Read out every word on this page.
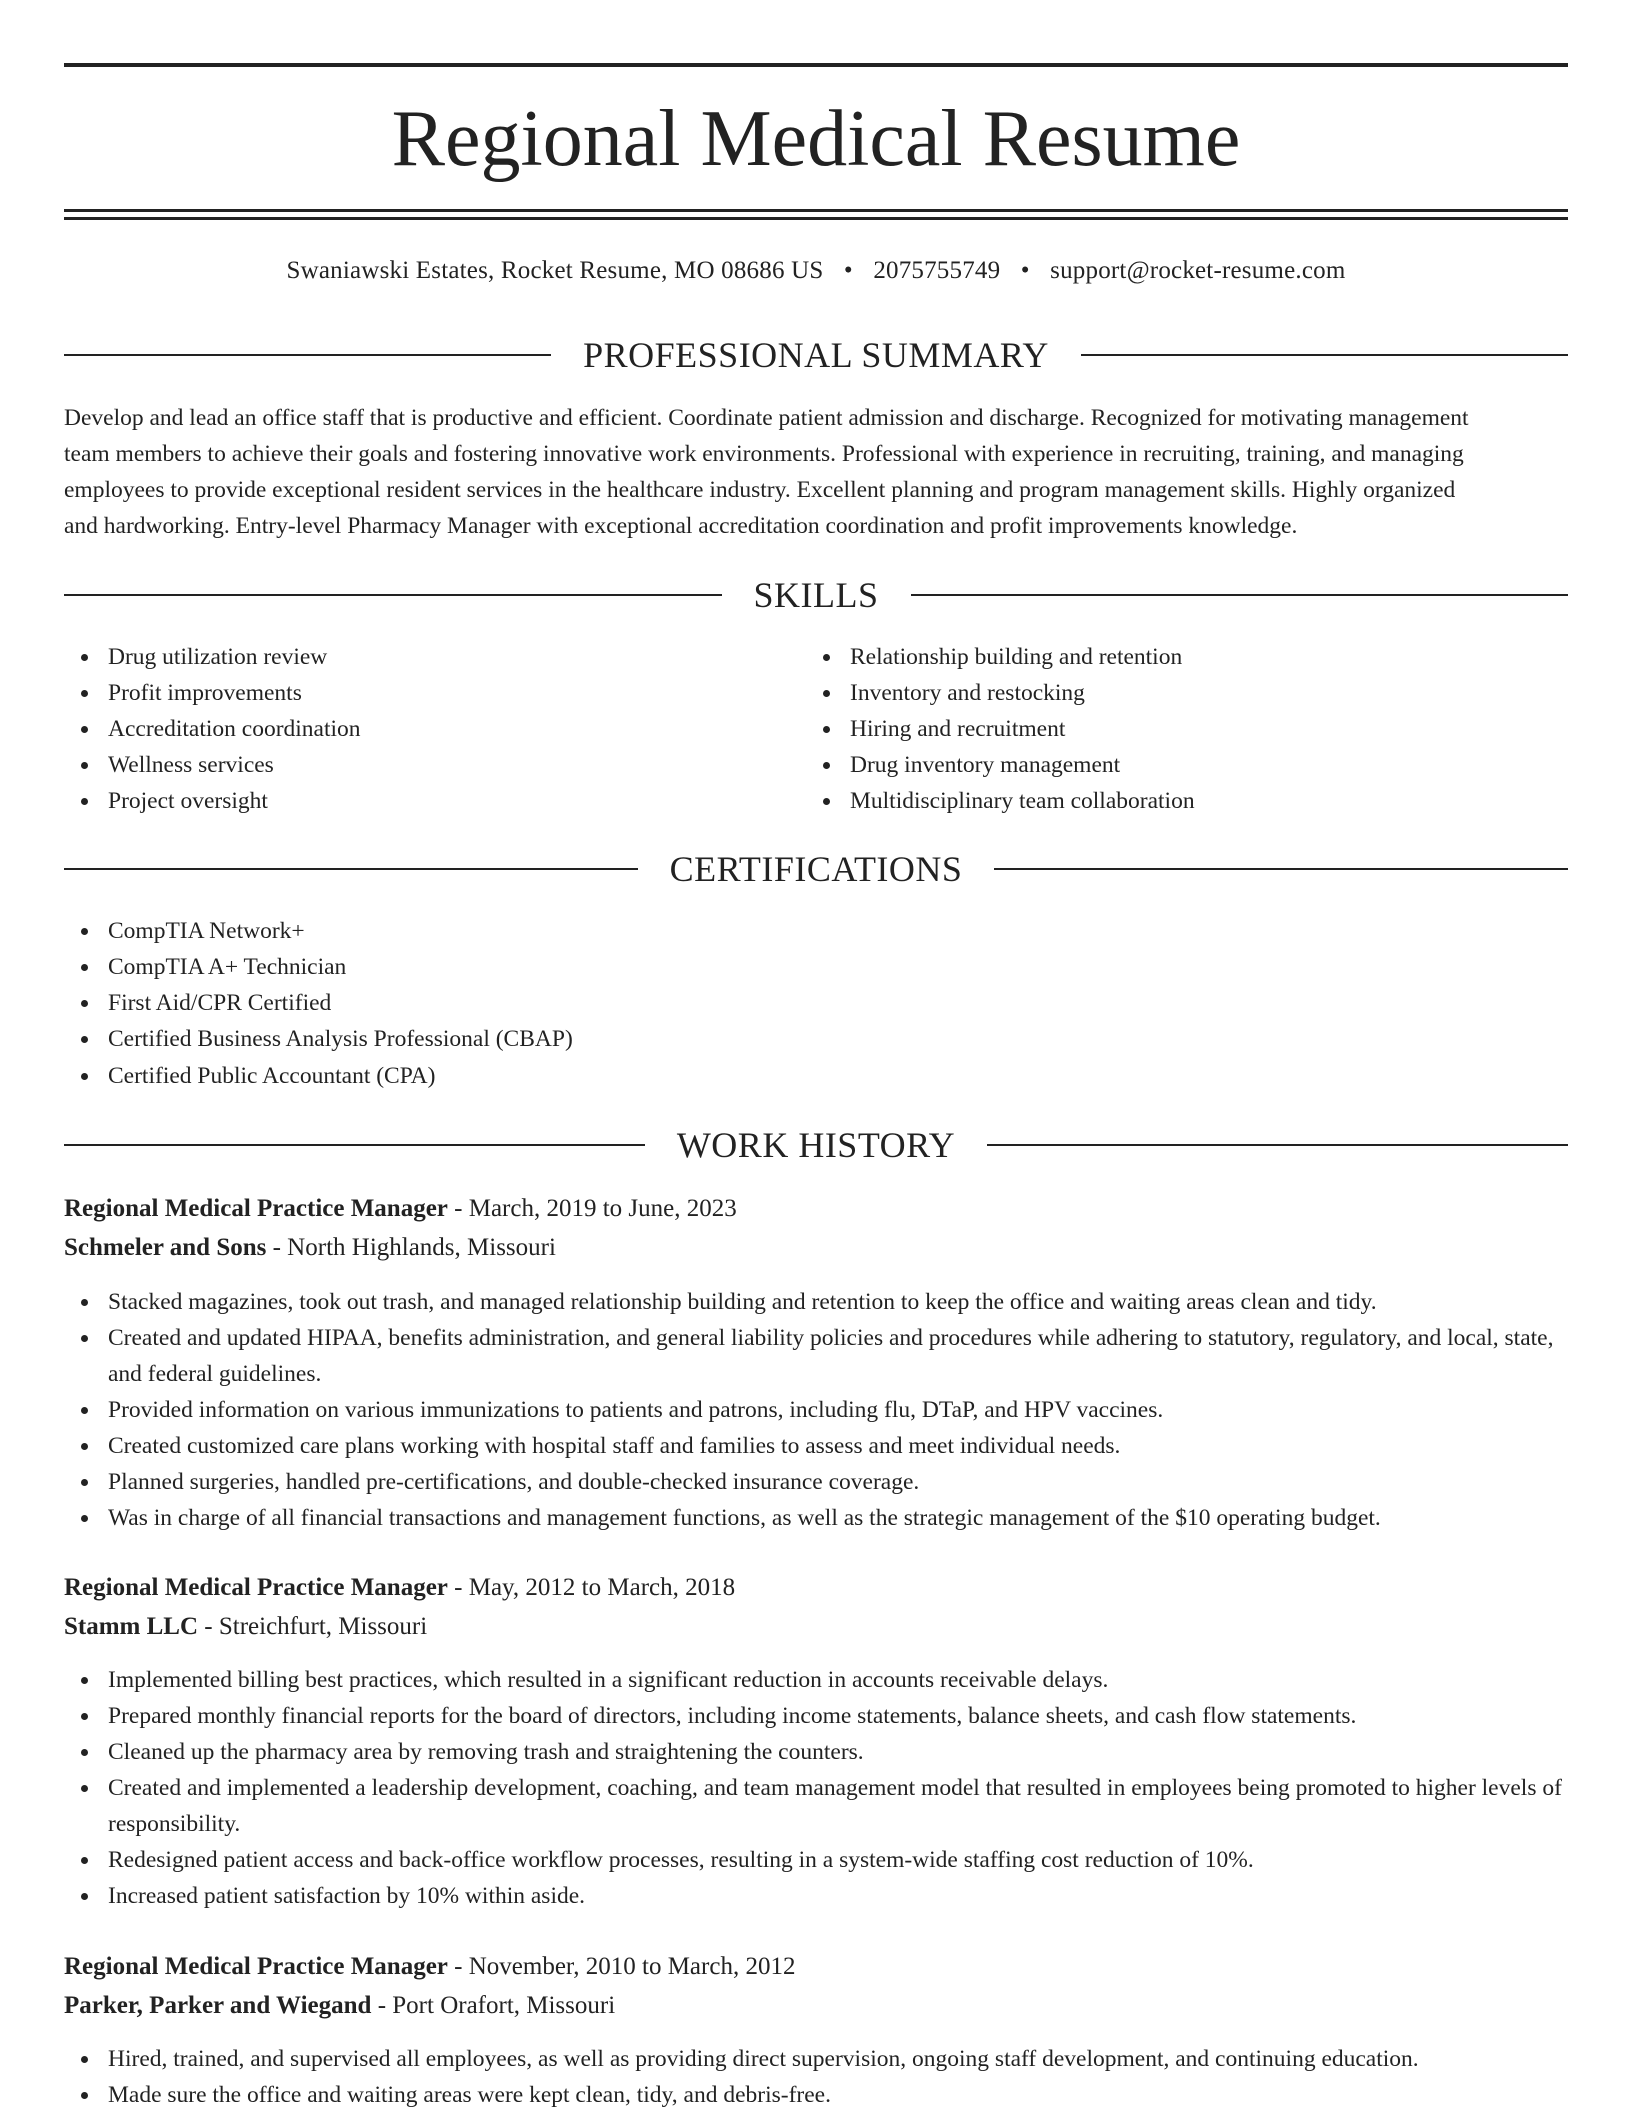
Regional Medical Resume
Swaniawski Estates, Rocket Resume, MO 08686 US • 2075755749 • support@rocket-resume.com
PROFESSIONAL SUMMARY
Develop and lead an office staff that is productive and efficient. Coordinate patient admission and discharge. Recognized for motivating management
team members to achieve their goals and fostering innovative work environments. Professional with experience in recruiting, training, and managing
employees to provide exceptional resident services in the healthcare industry. Excellent planning and program management skills. Highly organized
and hardworking. Entry-level Pharmacy Manager with exceptional accreditation coordination and profit improvements knowledge.
SKILLS
Drug utilization review
Profit improvements
Accreditation coordination
Wellness services
Project oversight
Relationship building and retention
Inventory and restocking
Hiring and recruitment
Drug inventory management
Multidisciplinary team collaboration
CERTIFICATIONS
CompTIA Network+
CompTIA A+ Technician
First Aid/CPR Certified
Certified Business Analysis Professional (CBAP)
Certified Public Accountant (CPA)
WORK HISTORY
Regional Medical Practice Manager - March, 2019 to June, 2023
Schmeler and Sons - North Highlands, Missouri
Stacked magazines, took out trash, and managed relationship building and retention to keep the office and waiting areas clean and tidy.
Created and updated HIPAA, benefits administration, and general liability policies and procedures while adhering to statutory, regulatory, and local, state, and federal guidelines.
Provided information on various immunizations to patients and patrons, including flu, DTaP, and HPV vaccines.
Created customized care plans working with hospital staff and families to assess and meet individual needs.
Planned surgeries, handled pre-certifications, and double-checked insurance coverage.
Was in charge of all financial transactions and management functions, as well as the strategic management of the $10 operating budget.
Regional Medical Practice Manager - May, 2012 to March, 2018
Stamm LLC - Streichfurt, Missouri
Implemented billing best practices, which resulted in a significant reduction in accounts receivable delays.
Prepared monthly financial reports for the board of directors, including income statements, balance sheets, and cash flow statements.
Cleaned up the pharmacy area by removing trash and straightening the counters.
Created and implemented a leadership development, coaching, and team management model that resulted in employees being promoted to higher levels of responsibility.
Redesigned patient access and back-office workflow processes, resulting in a system-wide staffing cost reduction of 10%.
Increased patient satisfaction by 10% within aside.
Regional Medical Practice Manager - November, 2010 to March, 2012
Parker, Parker and Wiegand - Port Orafort, Missouri
Hired, trained, and supervised all employees, as well as providing direct supervision, ongoing staff development, and continuing education.
Made sure the office and waiting areas were kept clean, tidy, and debris-free.
